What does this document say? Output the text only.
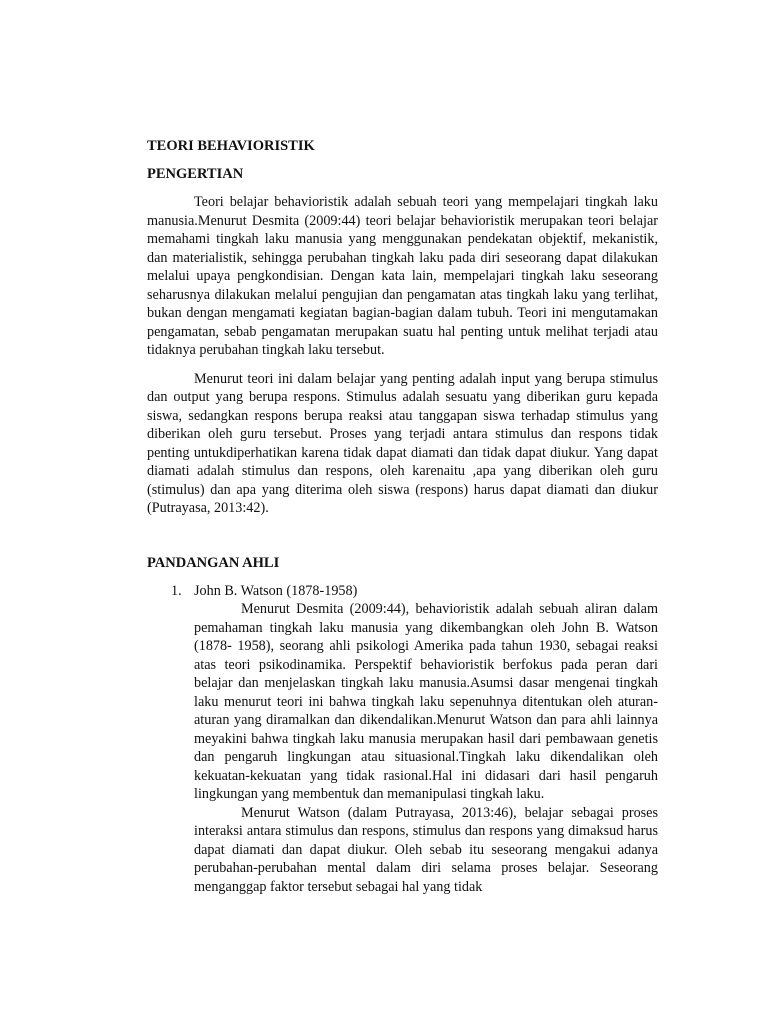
TEORI BEHAVIORISTIK

PENGERTIAN

Teori belajar behavioristik adalah sebuah teori yang mempelajari tingkah laku manusia.Menurut Desmita (2009:44) teori belajar behavioristik merupakan teori belajar memahami tingkah laku manusia yang menggunakan pendekatan objektif, mekanistik, dan materialistik, sehingga perubahan tingkah laku pada diri seseorang dapat dilakukan melalui upaya pengkondisian. Dengan kata lain, mempelajari tingkah laku seseorang seharusnya dilakukan melalui pengujian dan pengamatan atas tingkah laku yang terlihat, bukan dengan mengamati kegiatan bagian-bagian dalam tubuh. Teori ini mengutamakan pengamatan, sebab pengamatan merupakan suatu hal penting untuk melihat terjadi atau tidaknya perubahan tingkah laku tersebut.

Menurut teori ini dalam belajar yang penting adalah input yang berupa stimulus dan output yang berupa respons. Stimulus adalah sesuatu yang diberikan guru kepada siswa, sedangkan respons berupa reaksi atau tanggapan siswa terhadap stimulus yang diberikan oleh guru tersebut. Proses yang terjadi antara stimulus dan respons tidak penting untukdiperhatikan karena tidak dapat diamati dan tidak dapat diukur. Yang dapat diamati adalah stimulus dan respons, oleh karenaitu ,apa yang diberikan oleh guru (stimulus) dan apa yang diterima oleh siswa (respons) harus dapat diamati dan diukur (Putrayasa, 2013:42).

PANDANGAN AHLI

1. John B. Watson (1878-1958)

Menurut Desmita (2009:44), behavioristik adalah sebuah aliran dalam pemahaman tingkah laku manusia yang dikembangkan oleh John B. Watson (1878- 1958), seorang ahli psikologi Amerika pada tahun 1930, sebagai reaksi atas teori psikodinamika. Perspektif behavioristik berfokus pada peran dari belajar dan menjelaskan tingkah laku manusia.Asumsi dasar mengenai tingkah laku menurut teori ini bahwa tingkah laku sepenuhnya ditentukan oleh aturan-aturan yang diramalkan dan dikendalikan.Menurut Watson dan para ahli lainnya meyakini bahwa tingkah laku manusia merupakan hasil dari pembawaan genetis dan pengaruh lingkungan atau situasional.Tingkah laku dikendalikan oleh kekuatan-kekuatan yang tidak rasional.Hal ini didasari dari hasil pengaruh lingkungan yang membentuk dan memanipulasi tingkah laku.

Menurut Watson (dalam Putrayasa, 2013:46), belajar sebagai proses interaksi antara stimulus dan respons, stimulus dan respons yang dimaksud harus dapat diamati dan dapat diukur. Oleh sebab itu seseorang mengakui adanya perubahan-perubahan mental dalam diri selama proses belajar. Seseorang menganggap faktor tersebut sebagai hal yang tidak
